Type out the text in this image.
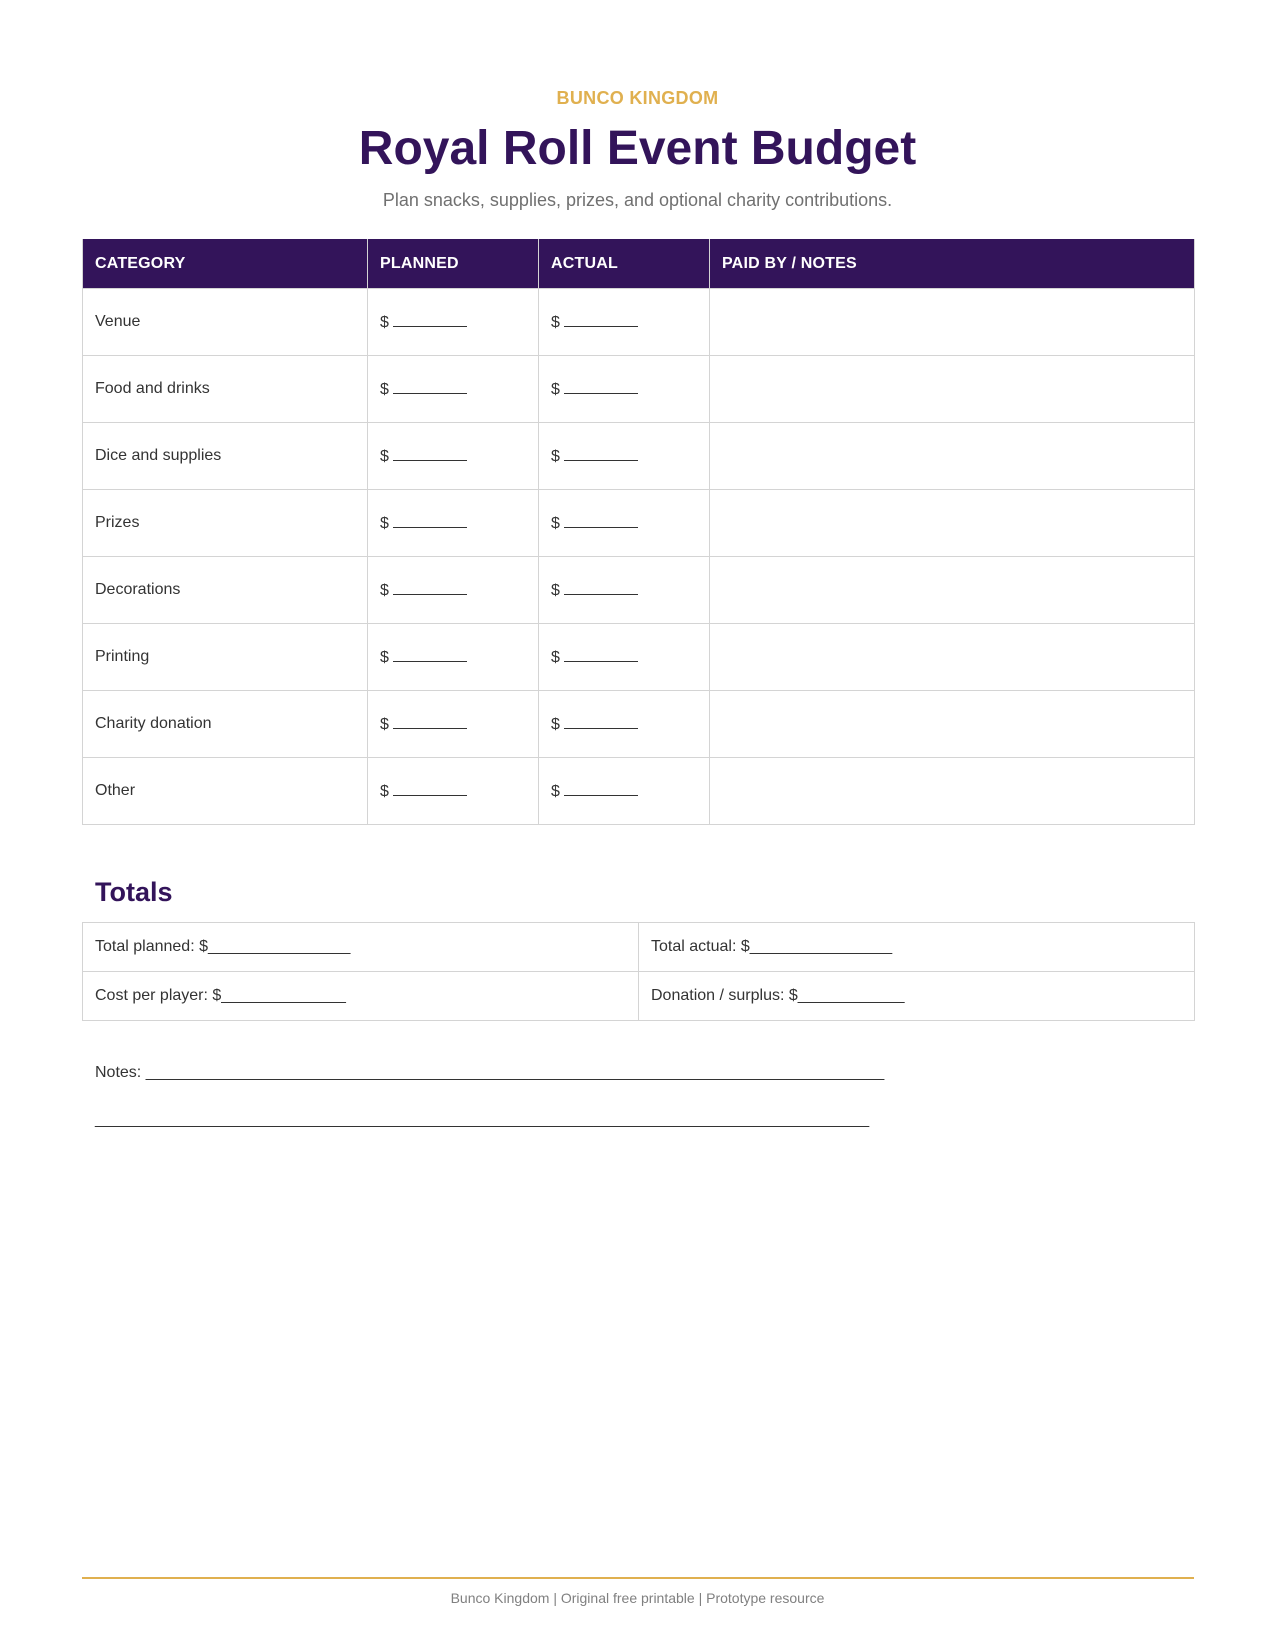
BUNCO KINGDOM
Royal Roll Event Budget
Plan snacks, supplies, prizes, and optional charity contributions.
CATEGORY	PLANNED	ACTUAL	PAID BY / NOTES
Venue	$	$	
Food and drinks	$	$	
Dice and supplies	$	$	
Prizes	$	$	
Decorations	$	$	
Printing	$	$	
Charity donation	$	$	
Other	$	$	
Totals
Total planned: $________________	Total actual: $________________
Cost per player: $______________	Donation / surplus: $____________
Notes: ___________________________________________________________________________________
_______________________________________________________________________________________
Bunco Kingdom | Original free printable | Prototype resource
